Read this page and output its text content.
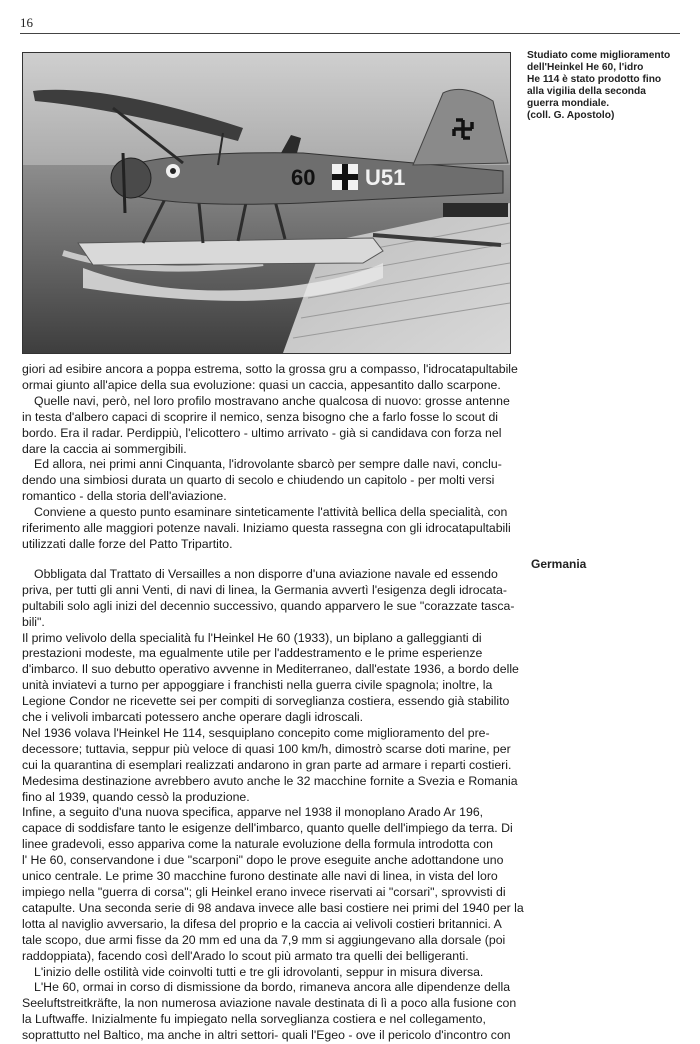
16
60 U51
Studiato come miglioramento
dell'Heinkel He 60, l'idro
He 114 è stato prodotto fino
alla vigilia della seconda
guerra mondiale.
(coll. G. Apostolo)
Germania
giori ad esibire ancora a poppa estrema, sotto la grossa gru a compasso, l'idrocatapultabile
ormai giunto all'apice della sua evoluzione: quasi un caccia, appesantito dallo scarpone.
Quelle navi, però, nel loro profilo mostravano anche qualcosa di nuovo: grosse antenne
in testa d'albero capaci di scoprire il nemico, senza bisogno che a farlo fosse lo scout di
bordo. Era il radar. Perdippiù, l'elicottero - ultimo arrivato - già si candidava con forza nel
dare la caccia ai sommergibili.
Ed allora, nei primi anni Cinquanta, l'idrovolante sbarcò per sempre dalle navi, conclu-
dendo una simbiosi durata un quarto di secolo e chiudendo un capitolo - per molti versi
romantico - della storia dell'aviazione.
Conviene a questo punto esaminare sinteticamente l'attività bellica della specialità, con
riferimento alle maggiori potenze navali. Iniziamo questa rassegna con gli idrocatapultabili
utilizzati dalle forze del Patto Tripartito.
Obbligata dal Trattato di Versailles a non disporre d'una aviazione navale ed essendo
priva, per tutti gli anni Venti, di navi di linea, la Germania avvertì l'esigenza degli idrocata-
pultabili solo agli inizi del decennio successivo, quando apparvero le sue "corazzate tasca-
bili".
Il primo velivolo della specialità fu l'Heinkel He 60 (1933), un biplano a galleggianti di
prestazioni modeste, ma egualmente utile per l'addestramento e le prime esperienze
d'imbarco. Il suo debutto operativo avvenne in Mediterraneo, dall'estate 1936, a bordo delle
unità inviatevi a turno per appoggiare i franchisti nella guerra civile spagnola; inoltre, la
Legione Condor ne ricevette sei per compiti di sorveglianza costiera, essendo già stabilito
che i velivoli imbarcati potessero anche operare dagli idroscali.
Nel 1936 volava l'Heinkel He 114, sesquiplano concepito come miglioramento del pre-
decessore; tuttavia, seppur più veloce di quasi 100 km/h, dimostrò scarse doti marine, per
cui la quarantina di esemplari realizzati andarono in gran parte ad armare i reparti costieri.
Medesima destinazione avrebbero avuto anche le 32 macchine fornite a Svezia e Romania
fino al 1939, quando cessò la produzione.
Infine, a seguito d'una nuova specifica, apparve nel 1938 il monoplano Arado Ar 196,
capace di soddisfare tanto le esigenze dell'imbarco, quanto quelle dell'impiego da terra. Di
linee gradevoli, esso appariva come la naturale evoluzione della formula introdotta con
l' He 60, conservandone i due "scarponi" dopo le prove eseguite anche adottandone uno
unico centrale. Le prime 30 macchine furono destinate alle navi di linea, in vista del loro
impiego nella "guerra di corsa"; gli Heinkel erano invece riservati ai "corsari", sprovvisti di
catapulte. Una seconda serie di 98 andava invece alle basi costiere nei primi del 1940 per la
lotta al naviglio avversario, la difesa del proprio e la caccia ai velivoli costieri britannici. A
tale scopo, due armi fisse da 20 mm ed una da 7,9 mm si aggiungevano alla dorsale (poi
raddoppiata), facendo così dell'Arado lo scout più armato tra quelli dei belligeranti.
L'inizio delle ostilità vide coinvolti tutti e tre gli idrovolanti, seppur in misura diversa.
L'He 60, ormai in corso di dismissione da bordo, rimaneva ancora alle dipendenze della
Seeluftstreitkräfte, la non numerosa aviazione navale destinata di lì a poco alla fusione con
la Luftwaffe. Inizialmente fu impiegato nella sorveglianza costiera e nel collegamento,
soprattutto nel Baltico, ma anche in altri settori- quali l'Egeo - ove il pericolo d'incontro con
